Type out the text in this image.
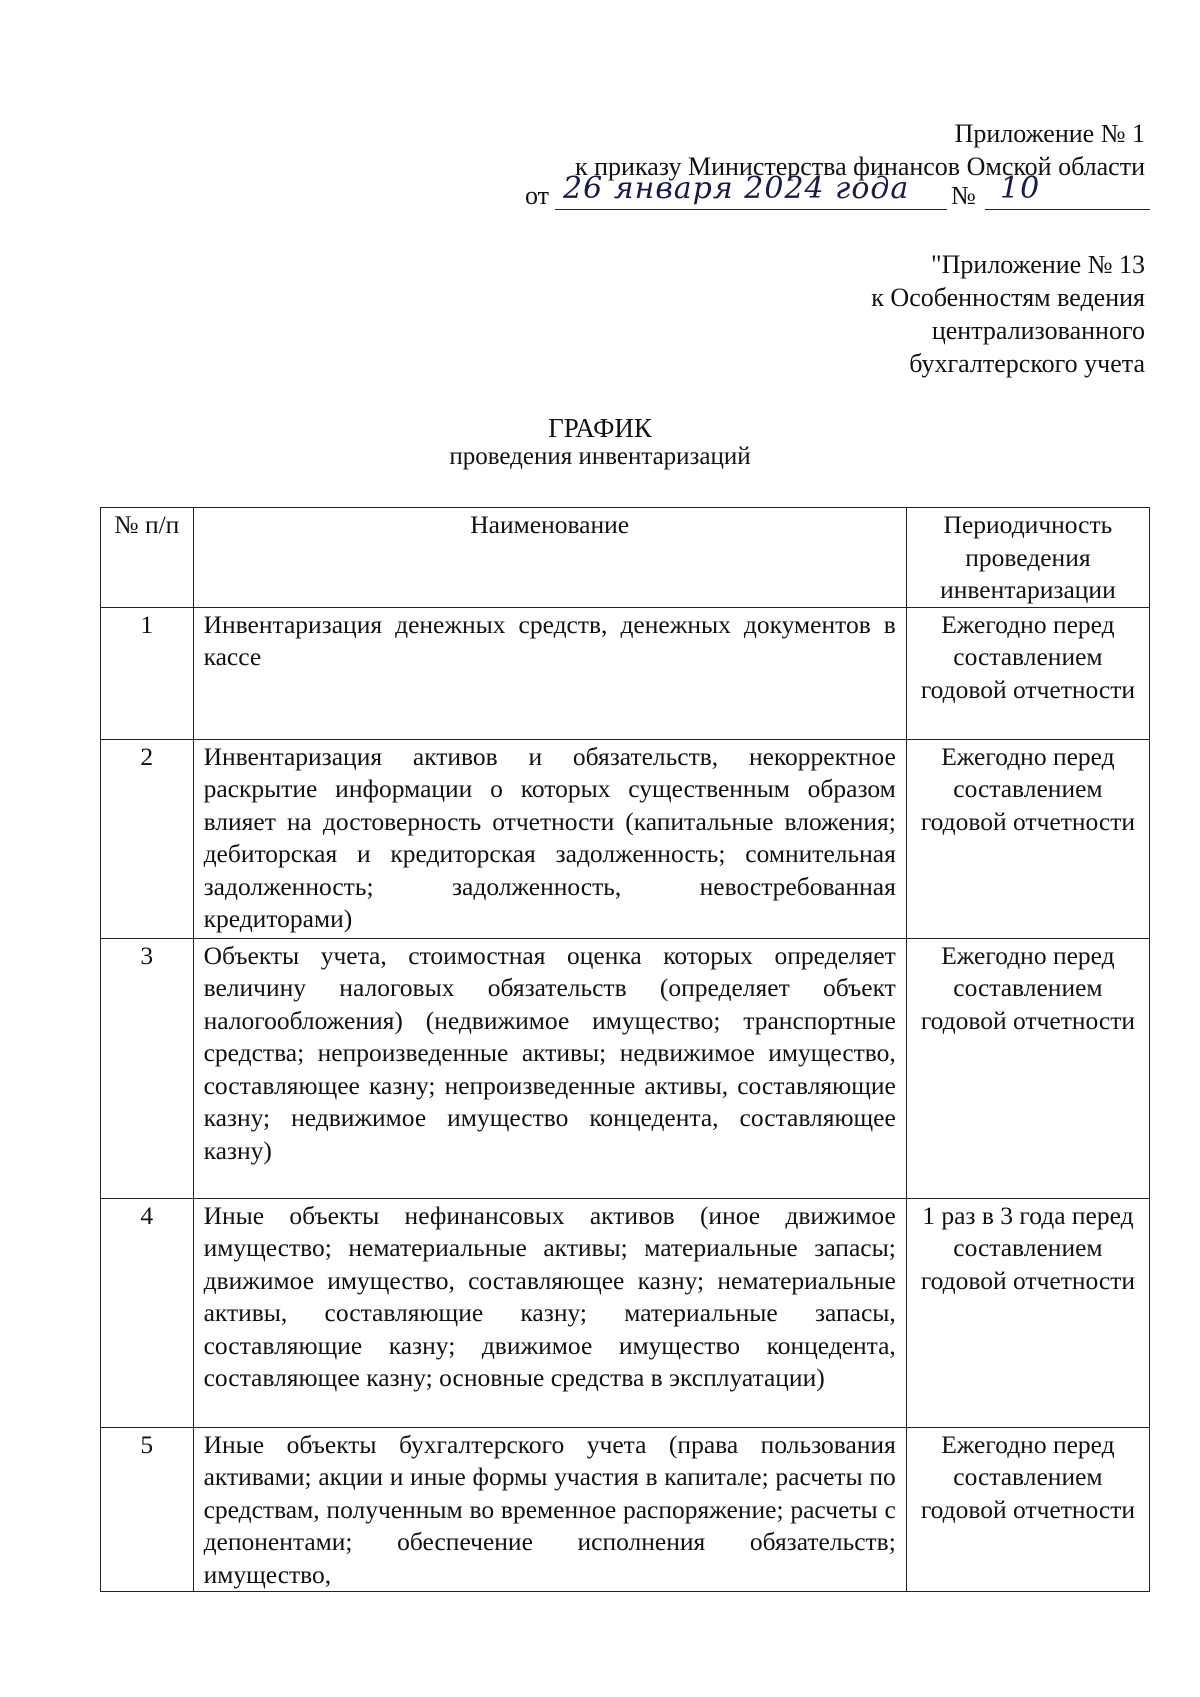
Приложение № 1
к приказу Министерства финансов Омской области
от 26 января 2024 года № 10
"Приложение № 13
к Особенностям ведения
централизованного
бухгалтерского учета
ГРАФИК
проведения инвентаризаций
№ п/п	Наименование	Периодичность проведения инвентаризации
1	Инвентаризация денежных средств, денежных документов в кассе	Ежегодно перед составлением годовой отчетности
2	Инвентаризация активов и обязательств, некорректное раскрытие информации о которых существенным образом влияет на достоверность отчетности (капитальные вложения; дебиторская и кредиторская задолженность; сомнительная задолженность; задолженность, невостребованная кредиторами)	Ежегодно перед составлением годовой отчетности
3	Объекты учета, стоимостная оценка которых определяет величину налоговых обязательств (определяет объект налогообложения) (недвижимое имущество; транспортные средства; непроизведенные активы; недвижимое имущество, составляющее казну; непроизведенные активы, составляющие казну; недвижимое имущество концедента, составляющее казну)	Ежегодно перед составлением годовой отчетности
4	Иные объекты нефинансовых активов (иное движимое имущество; нематериальные активы; материальные запасы; движимое имущество, составляющее казну; нематериальные активы, составляющие казну; материальные запасы, составляющие казну; движимое имущество концедента, составляющее казну; основные средства в эксплуатации)	1 раз в 3 года перед составлением годовой отчетности
5	Иные объекты бухгалтерского учета (права пользования активами; акции и иные формы участия в капитале; расчеты по средствам, полученным во временное распоряжение; расчеты с депонентами; обеспечение исполнения обязательств; имущество,	Ежегодно перед составлением годовой отчетности
